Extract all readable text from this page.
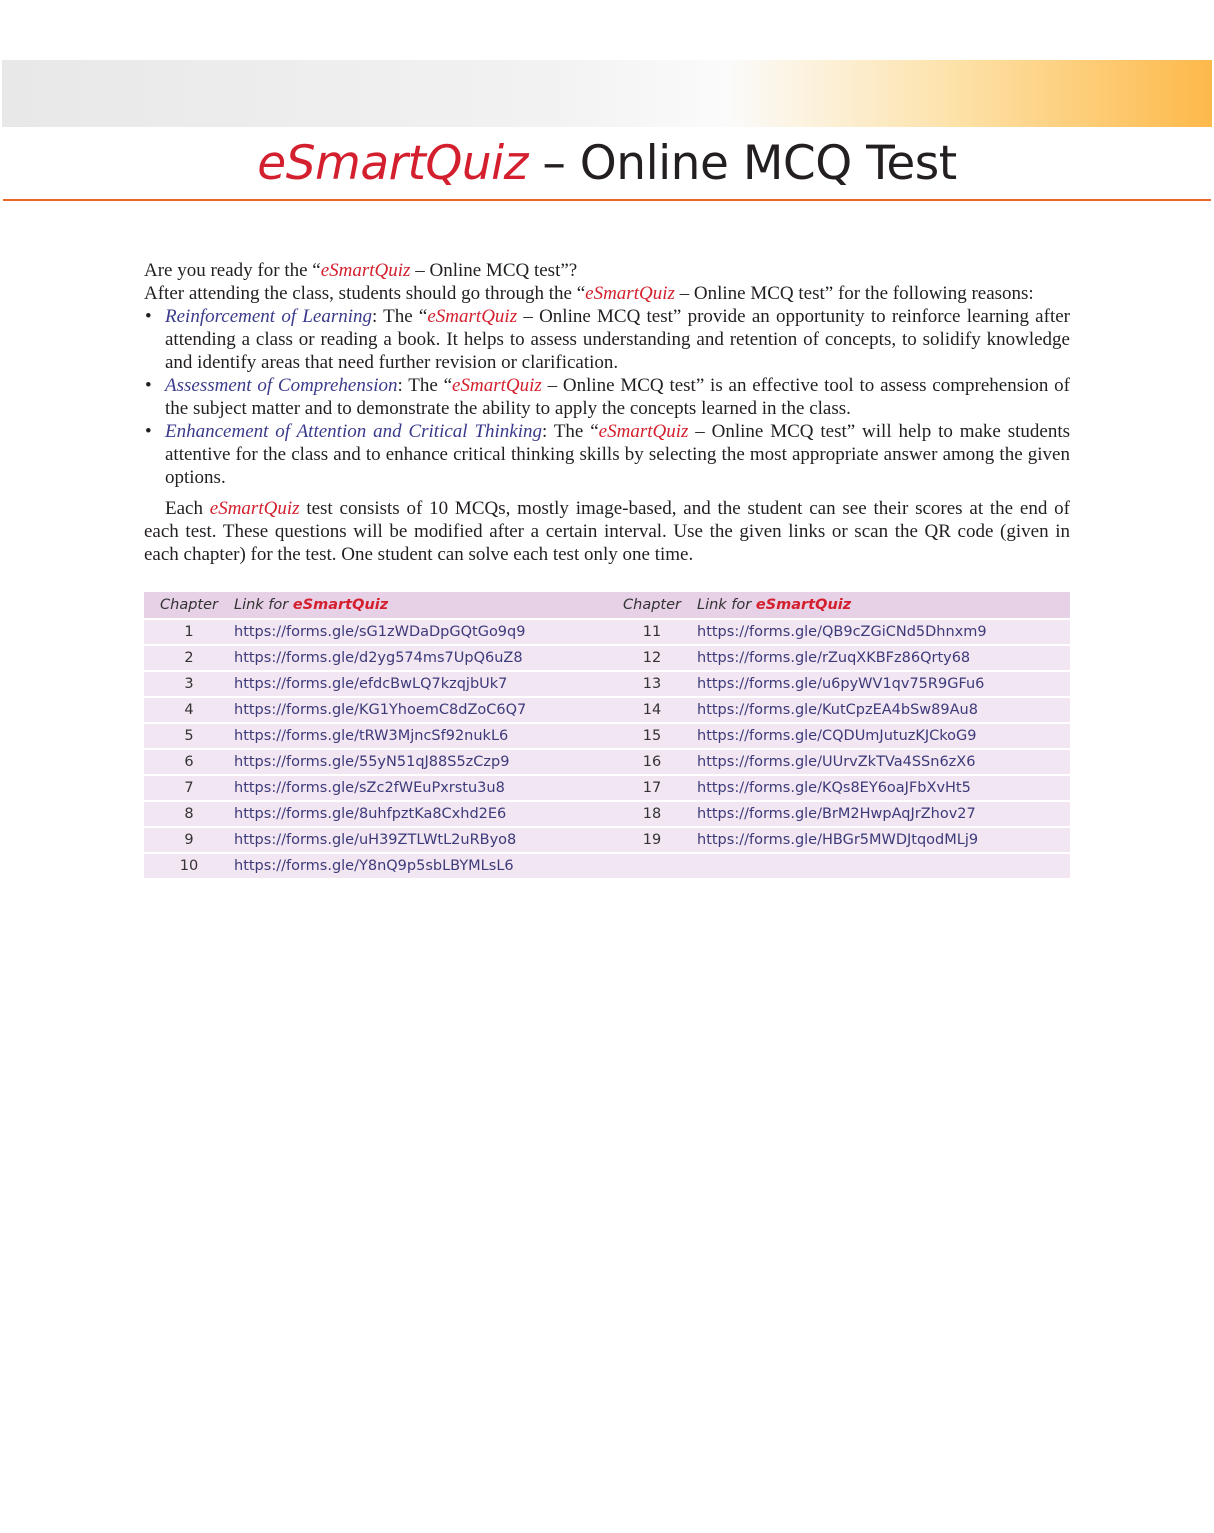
eSmartQuiz – Online MCQ Test

Are you ready for the “eSmartQuiz – Online MCQ test”?

After attending the class, students should go through the “eSmartQuiz – Online MCQ test” for the following reasons:

• Reinforcement of Learning: The “eSmartQuiz – Online MCQ test” provide an opportunity to reinforce learning after attending a class or reading a book. It helps to assess understanding and retention of concepts, to solidify knowledge and identify areas that need further revision or clarification.
• Assessment of Comprehension: The “eSmartQuiz – Online MCQ test” is an effective tool to assess comprehension of the subject matter and to demonstrate the ability to apply the concepts learned in the class.
• Enhancement of Attention and Critical Thinking: The “eSmartQuiz – Online MCQ test” will help to make students attentive for the class and to enhance critical thinking skills by selecting the most appropriate answer among the given options.

Each eSmartQuiz test consists of 10 MCQs, mostly image-based, and the student can see their scores at the end of each test. These questions will be modified after a certain interval. Use the given links or scan the QR code (given in each chapter) for the test. One student can solve each test only one time.

Chapter	Link for eSmartQuiz	Chapter	Link for eSmartQuiz
1	https://forms.gle/sG1zWDaDpGQtGo9q9	11	https://forms.gle/QB9cZGiCNd5Dhnxm9
2	https://forms.gle/d2yg574ms7UpQ6uZ8	12	https://forms.gle/rZuqXKBFz86Qrty68
3	https://forms.gle/efdcBwLQ7kzqjbUk7	13	https://forms.gle/u6pyWV1qv75R9GFu6
4	https://forms.gle/KG1YhoemC8dZoC6Q7	14	https://forms.gle/KutCpzEA4bSw89Au8
5	https://forms.gle/tRW3MjncSf92nukL6	15	https://forms.gle/CQDUmJutuzKJCkoG9
6	https://forms.gle/55yN51qJ88S5zCzp9	16	https://forms.gle/UUrvZkTVa4SSn6zX6
7	https://forms.gle/sZc2fWEuPxrstu3u8	17	https://forms.gle/KQs8EY6oaJFbXvHt5
8	https://forms.gle/8uhfpztKa8Cxhd2E6	18	https://forms.gle/BrM2HwpAqJrZhov27
9	https://forms.gle/uH39ZTLWtL2uRByo8	19	https://forms.gle/HBGr5MWDJtqodMLj9
10	https://forms.gle/Y8nQ9p5sbLBYMLsL6		
